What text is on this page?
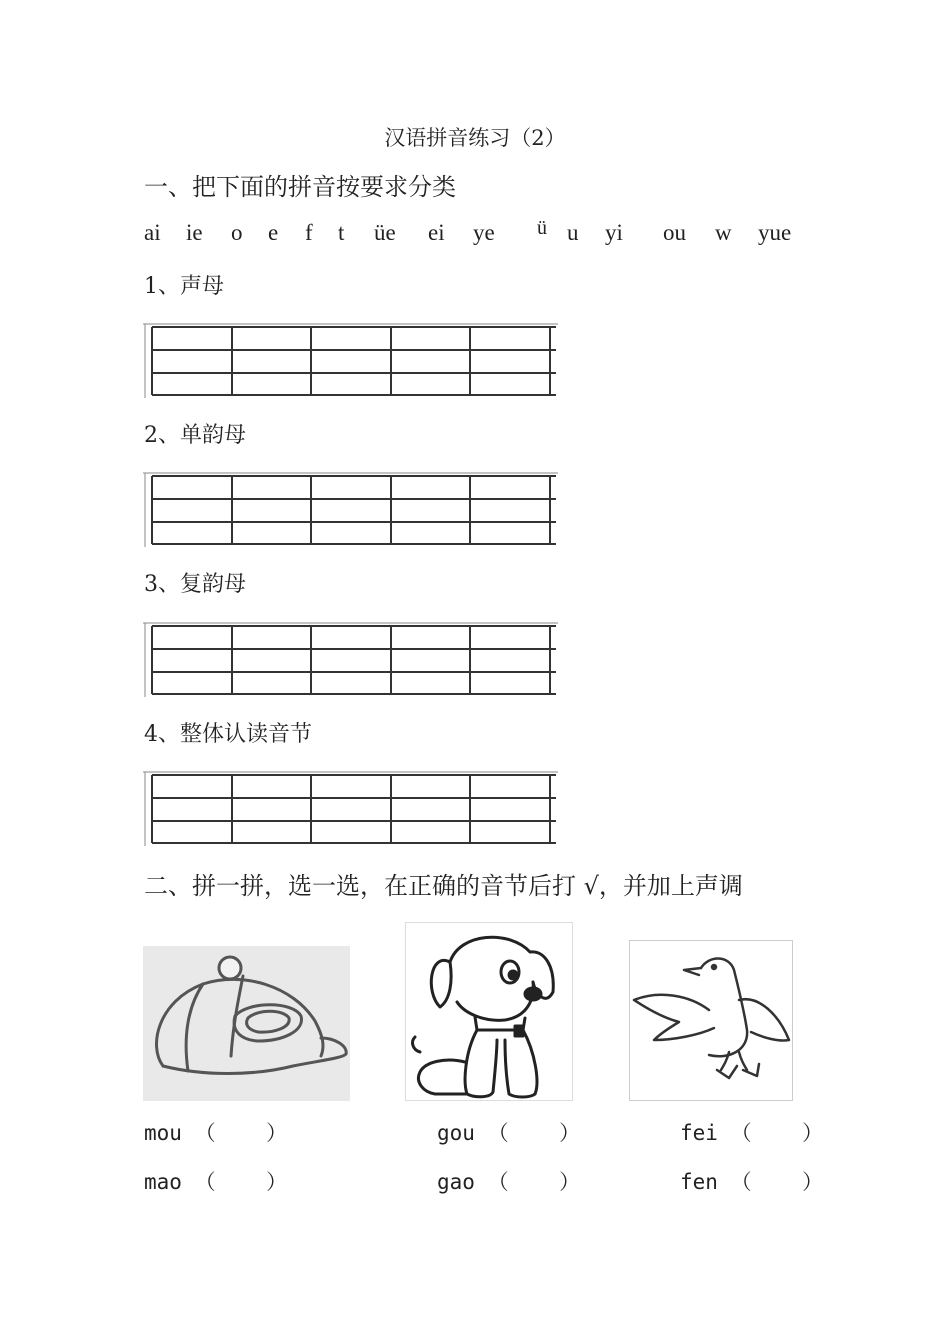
汉语拼音练习（2）
一、把下面的拼音按要求分类
ai ie o e f t üe ei ye ü u yi ou w yue
1、声母
2、单韵母
3、复韵母
4、整体认读音节
二、拼一拼，选一选，在正确的音节后打 √，并加上声调
mou （    ）
mao （    ）
gou （    ）
gao （    ）
fei （    ）
fen （    ）
